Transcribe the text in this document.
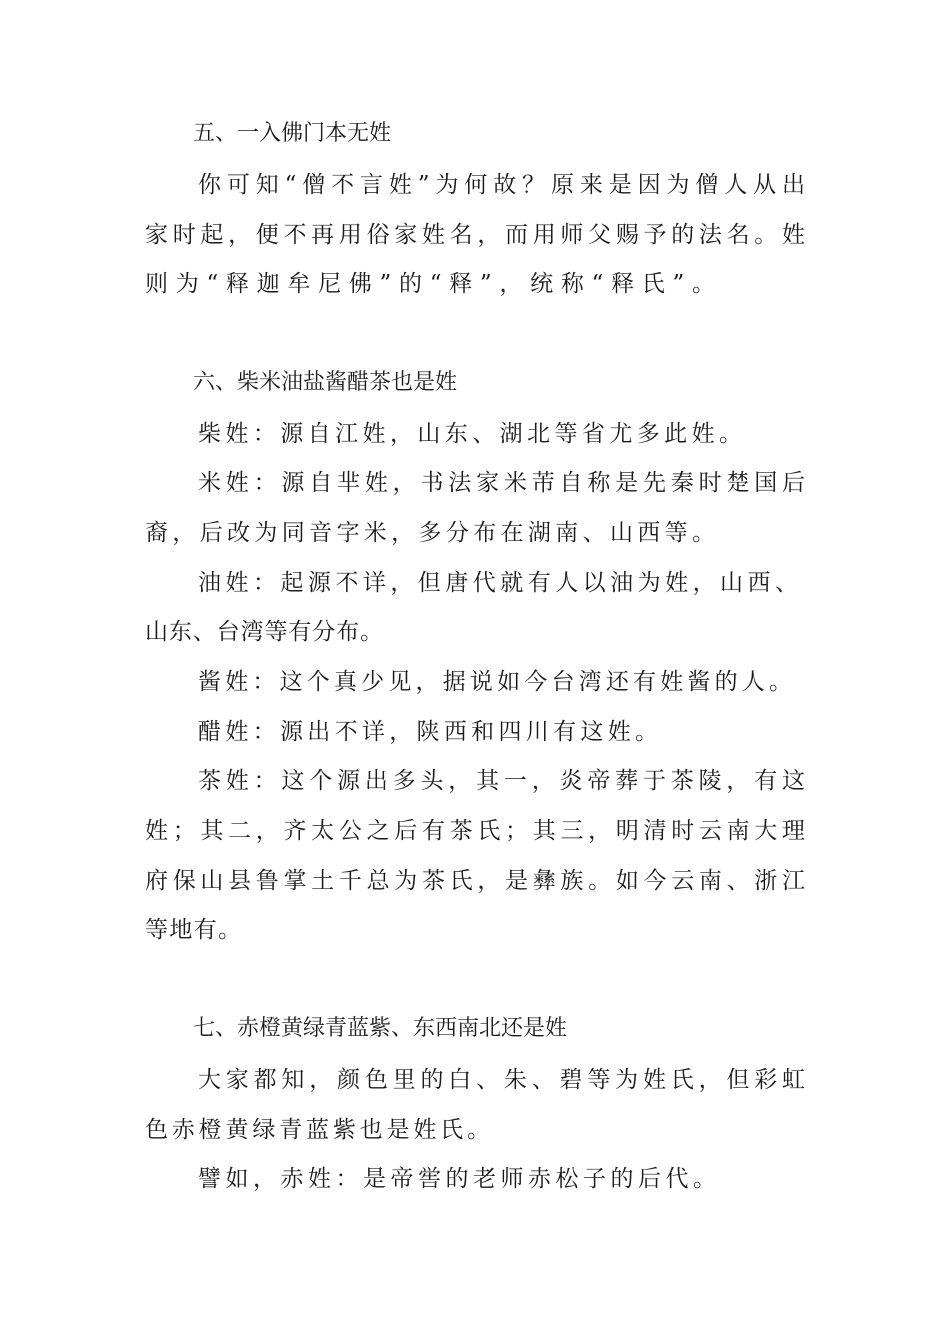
五、一入佛门本无姓
你可知“僧不言姓”为何故？原来是因为僧人从出
家时起，便不再用俗家姓名，而用师父赐予的法名。姓
则为“释迦牟尼佛”的“释”，统称“释氏”。
六、柴米油盐酱醋茶也是姓
柴姓：源自江姓，山东、湖北等省尤多此姓。
米姓：源自芈姓，书法家米芾自称是先秦时楚国后
裔，后改为同音字米，多分布在湖南、山西等。
油姓：起源不详，但唐代就有人以油为姓，山西、
山东、台湾等有分布。
酱姓：这个真少见，据说如今台湾还有姓酱的人。
醋姓：源出不详，陕西和四川有这姓。
茶姓：这个源出多头，其一，炎帝葬于茶陵，有这
姓；其二，齐太公之后有茶氏；其三，明清时云南大理
府保山县鲁掌土千总为茶氏，是彝族。如今云南、浙江
等地有。
七、赤橙黄绿青蓝紫、东西南北还是姓
大家都知，颜色里的白、朱、碧等为姓氏，但彩虹
色赤橙黄绿青蓝紫也是姓氏。
譬如，赤姓：是帝喾的老师赤松子的后代。
